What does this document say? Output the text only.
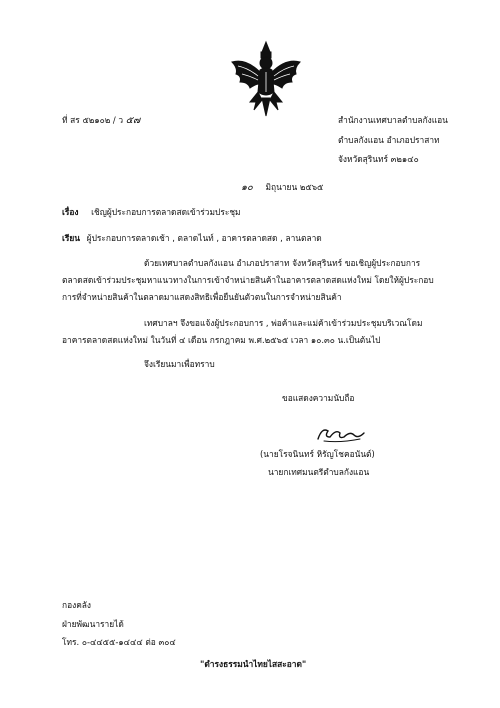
ที่ สร ๕๒๑๐๒ / ว ๕๗	สำนักงานเทศบาลตำบลกังแอน
ตำบลกังแอน อำเภอปราสาท
จังหวัดสุรินทร์ ๓๒๑๔๐
๑๐ มิถุนายน ๒๕๖๕
เรื่อง เชิญผู้ประกอบการตลาดสดเข้าร่วมประชุม
เรียน ผู้ประกอบการตลาดเช้า , ตลาดไนท์ , อาคารตลาดสด , ลานตลาด
ด้วยเทศบาลตำบลกังแอน อำเภอปราสาท จังหวัดสุรินทร์ ขอเชิญผู้ประกอบการตลาดสดเข้าร่วมประชุมหาแนวทางในการเข้าจำหน่ายสินค้าในอาคารตลาดสดแห่งใหม่ โดยให้ผู้ประกอบการที่จำหน่ายสินค้าในตลาดมาแสดงสิทธิเพื่อยืนยันตัวตนในการจำหน่ายสินค้า
เทศบาลฯ จึงขอแจ้งผู้ประกอบการ , พ่อค้าและแม่ค้าเข้าร่วมประชุมบริเวณโดมอาคารตลาดสดแห่งใหม่ ในวันที่ ๔ เดือน กรกฎาคม พ.ศ.๒๕๖๕ เวลา ๑๐.๓๐ น.เป็นต้นไป
จึงเรียนมาเพื่อทราบ
ขอแสดงความนับถือ
(นายโรจนินทร์ หิรัญโชคอนันต์)
นายกเทศมนตรีตำบลกังแอน
กองคลัง
ฝ่ายพัฒนารายได้
โทร. ๐-๔๔๕๕-๑๔๔๔ ต่อ ๓๐๔
"ดำรงธรรมนำไทยไสสะอาด"
